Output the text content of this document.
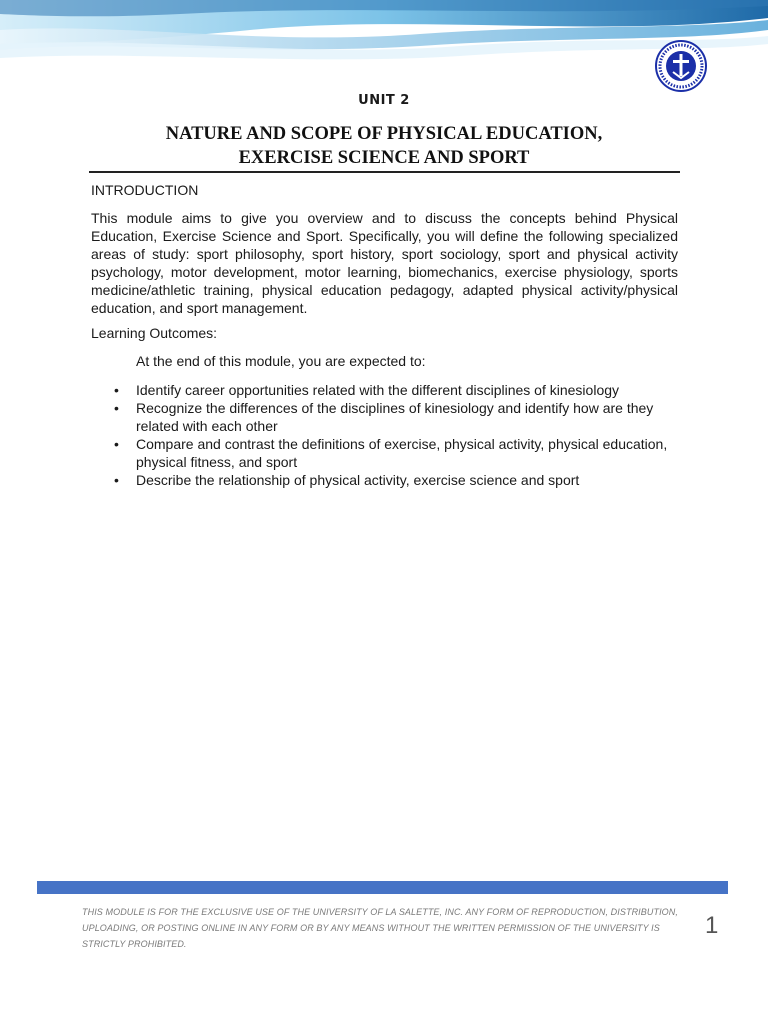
UNIT 2
NATURE AND SCOPE OF PHYSICAL EDUCATION,
EXERCISE SCIENCE AND SPORT
INTRODUCTION

This module aims to give you overview and to discuss the concepts behind Physical Education, Exercise Science and Sport. Specifically, you will define the following specialized areas of study: sport philosophy, sport history, sport sociology, sport and physical activity psychology, motor development, motor learning, biomechanics, exercise physiology, sports medicine/athletic training, physical education pedagogy, adapted physical activity/physical education, and sport management.

Learning Outcomes:
At the end of this module, you are expected to:
• Identify career opportunities related with the different disciplines of kinesiology
• Recognize the differences of the disciplines of kinesiology and identify how are they related with each other
• Compare and contrast the definitions of exercise, physical activity, physical education, physical fitness, and sport
• Describe the relationship of physical activity, exercise science and sport
THIS MODULE IS FOR THE EXCLUSIVE USE OF THE UNIVERSITY OF LA SALETTE, INC. ANY FORM OF REPRODUCTION, DISTRIBUTION, UPLOADING, OR POSTING ONLINE IN ANY FORM OR BY ANY MEANS WITHOUT THE WRITTEN PERMISSION OF THE UNIVERSITY IS STRICTLY PROHIBITED.
1
